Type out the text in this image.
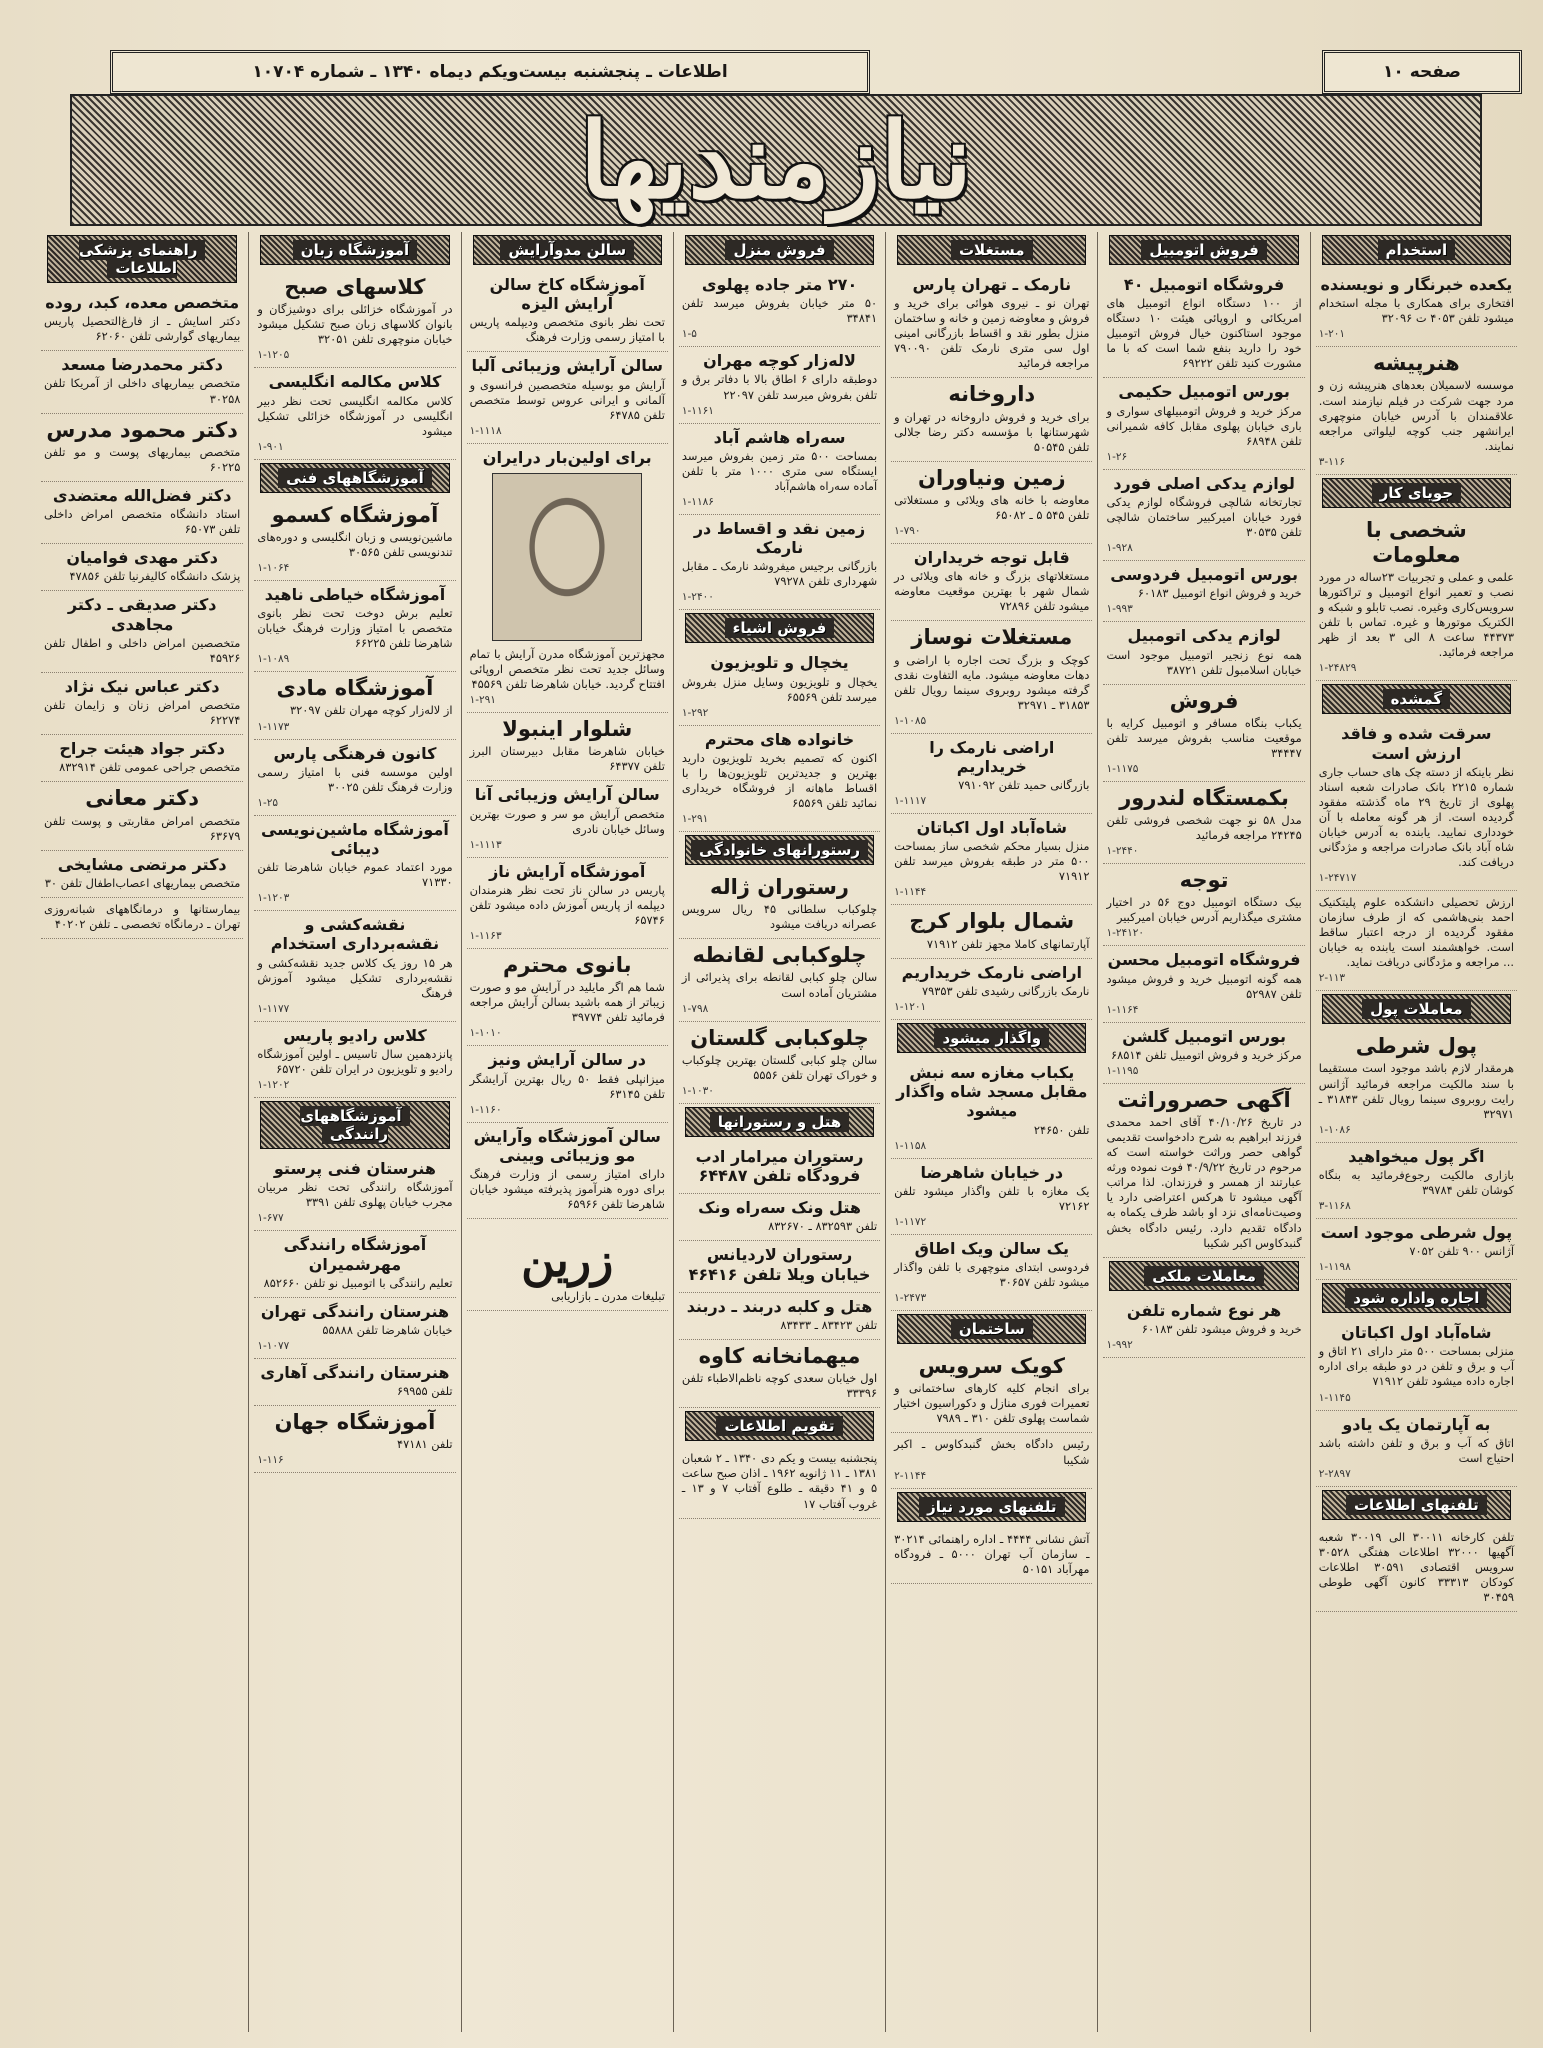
اطلاعات ـ پنجشنبه بیست‌ویکم دیماه ۱۳۴۰ ـ شماره ۱۰۷۰۴	صفحه ۱۰
نیازمندیها
استخدام
یکعده خبرنگار و نویسنده
افتخاری برای همکاری با مجله استخدام میشود تلفن ۴۰۵۳ ت ۳۲۰۹۶
۱-۲۰۱
هنرپیشه
موسسه لاسمیلان بعدهای هنرپیشه زن و مرد جهت شرکت در فیلم نیازمند است. علاقمندان با آدرس خیابان منوچهری ایرانشهر جنب کوچه لیلواتی مراجعه نمایند.
۳-۱۱۶
جویای کار
شخصی با معلومات
علمی و عملی و تجربیات ۲۳ساله در مورد نصب و تعمیر انواع اتومبیل و تراکتورها سرویس‌کاری وغیره. نصب تابلو و شبکه و الکتریک موتورها و غیره. تماس با تلفن ۴۴۳۷۳ ساعت ۸ الی ۳ بعد از ظهر مراجعه فرمائید.
۱-۲۴۸۲۹
گمشده
سرقت شده و فاقد ارزش است
نظر باینکه از دسته چک های حساب جاری شماره ۲۲۱۵ بانک صادرات شعبه اسناد پهلوی از تاریخ ۲۹ ماه گذشته مفقود گردیده است. از هر گونه معامله با آن خودداری نمایید. یابنده به آدرس خیابان شاه آباد بانک صادرات مراجعه و مژدگانی دریافت کند.
۱-۲۴۷۱۷
ارزش تحصیلی دانشکده علوم پلیتکنیک احمد بنی‌هاشمی که از طرف سازمان مفقود گردیده از درجه اعتبار ساقط است. خواهشمند است یابنده به خیابان ... مراجعه و مژدگانی دریافت نماید.
۲-۱۱۳
معاملات پول
پول شرطی
هرمقدار لازم باشد موجود است مستقیما با سند مالکیت مراجعه فرمائید آژانس رایت روبروی سینما رویال تلفن ۳۱۸۴۳ ـ ۳۲۹۷۱
۱-۱۰۸۶
اگر پول میخواهید
بازاری مالکیت رجوع‌فرمائید به بنگاه کوشان تلفن ۳۹۷۸۴
۳-۱۱۶۸
پول شرطی موجود است
آژانس ۹۰۰ تلفن ۷۰۵۲
۱-۱۱۹۸
اجاره واداره شود
شاه‌آباد اول اکباتان
منزلی بمساحت ۵۰۰ متر دارای ۲۱ اتاق و آب و برق و تلفن در دو طبقه برای اداره اجاره داده میشود تلفن ۷۱۹۱۲
۱-۱۱۴۵
به آپارتمان یک یادو
اتاق که آب و برق و تلفن داشته باشد احتیاج است
۲-۲۸۹۷
تلفنهای اطلاعات
تلفن کارخانه ۳۰۰۱۱ الی ۳۰۰۱۹ شعبه آگهیها ۳۲۰۰۰ اطلاعات هفتگی ۳۰۵۲۸ سرویس اقتصادی ۳۰۵۹۱ اطلاعات کودکان ۳۳۳۱۳ کانون آگهی طوطی ۳۰۴۵۹
فروش اتومبیل
فروشگاه اتومبیل ۴۰
از ۱۰۰ دستگاه انواع اتومبیل های امریکائی و اروپائی هیئت ۱۰ دستگاه موجود استاکنون خیال فروش اتومبیل خود را دارید بنفع شما است که با ما مشورت کنید تلفن ۶۹۲۲۲
بورس اتومبیل حکیمی
مرکز خرید و فروش اتومبیلهای سواری و باری خیابان پهلوی مقابل کافه شمیرانی تلفن ۶۸۹۴۸
۱-۲۶
لوازم یدکی اصلی فورد
تجارتخانه شالچی فروشگاه لوازم یدکی فورد خیابان امیرکبیر ساختمان شالچی تلفن ۳۰۵۳۵
۱-۹۲۸
بورس اتومبیل فردوسی
خرید و فروش انواع اتومبیل ۶۰۱۸۳
۱-۹۹۳
لوازم یدکی اتومبیل
همه نوع زنجیر اتومبیل موجود است خیابان اسلامبول تلفن ۳۸۷۲۱
فروش
یکباب بنگاه مسافر و اتومبیل کرایه با موقعیت مناسب بفروش میرسد تلفن ۳۴۴۴۷
۱-۱۱۷۵
بکمستگاه لندرور
مدل ۵۸ نو جهت شخصی فروشی تلفن ۲۴۲۴۵ مراجعه فرمائید
۱-۲۴۴۰
توجه
بیک دستگاه اتومبیل دوج ۵۶ در اختیار مشتری میگذاریم آدرس خیابان امیرکبیر
۱-۲۴۱۲۰
فروشگاه اتومبیل محسن
همه گونه اتومبیل خرید و فروش میشود تلفن ۵۲۹۸۷
۱-۱۱۶۴
بورس اتومبیل گلشن
مرکز خرید و فروش اتومبیل تلفن ۶۸۵۱۴
۱-۱۱۹۵
آگهی حصروراثت
در تاریخ ۴۰/۱۰/۲۶ آقای احمد محمدی فرزند ابراهیم به شرح دادخواست تقدیمی گواهی حصر وراثت خواسته است که مرحوم در تاریخ ۴۰/۹/۲۲ فوت نموده ورثه عبارتند از همسر و فرزندان. لذا مراتب آگهی میشود تا هرکس اعتراضی دارد یا وصیت‌نامه‌ای نزد او باشد ظرف یکماه به دادگاه تقدیم دارد. رئیس دادگاه بخش گنبدکاوس اکبر شکیبا
معاملات ملکی
هر نوع شماره تلفن
خرید و فروش میشود تلفن ۶۰۱۸۳
۱-۹۹۲
مستغلات
نارمک ـ تهران پارس
تهران نو ـ نیروی هوائی برای خرید و فروش و معاوضه زمین و خانه و ساختمان منزل بطور نقد و اقساط بازرگانی امینی اول سی متری نارمک تلفن ۷۹۰۰۹۰ مراجعه فرمائید
داروخانه
برای خرید و فروش داروخانه در تهران و شهرستانها با مؤسسه دکتر رضا جلالی تلفن ۵۰۵۴۵
زمین ونیاوران
معاوضه با خانه های ویلائی و مستغلاتی تلفن ۵۴۵ ۵ ـ ۶۵۰۸۲
۱-۷۹۰
قابل توجه خریداران
مستغلاتهای بزرگ و خانه های ویلائی در شمال شهر با بهترین موقعیت معاوضه میشود تلفن ۷۲۸۹۶
مستغلات نوساز
کوچک و بزرگ تحت اجاره با اراضی و دهات معاوضه میشود. مایه التفاوت نقدی گرفته میشود روبروی سینما رویال تلفن ۳۱۸۵۳ ـ ۳۲۹۷۱
۱-۱۰۸۵
اراضی نارمک را خریداریم
بازرگانی حمید تلفن ۷۹۱۰۹۲
۱-۱۱۱۷
شاه‌آباد اول اکباتان
منزل بسیار محکم شخصی ساز بمساحت ۵۰۰ متر در طبقه بفروش میرسد تلفن ۷۱۹۱۲
۱-۱۱۴۴
شمال بلوار کرج
آپارتمانهای کاملا مجهز تلفن ۷۱۹۱۲
اراضی نارمک خریداریم
نارمک بازرگانی رشیدی تلفن ۷۹۳۵۳
۱-۱۲۰۱
واگذار میشود
یکباب مغازه سه نبش مقابل مسجد شاه واگذار میشود
تلفن ۲۴۶۵۰
۱-۱۱۵۸
در خیابان شاهرضا
یک مغازه با تلفن واگذار میشود تلفن ۷۲۱۶۲
۱-۱۱۷۲
یک سالن ویک اطاق
فردوسی ابتدای منوچهری با تلفن واگذار میشود تلفن ۳۰۶۵۷
۱-۲۴۷۳
ساختمان
کویک سرویس
برای انجام کلیه کارهای ساختمانی و تعمیرات فوری منازل و دکوراسیون اختیار شماست پهلوی تلفن ۳۱۰ ـ ۷۹۸۹
رئیس دادگاه بخش گنبدکاوس ـ اکبر شکیبا
۲-۱۱۴۴
تلفنهای مورد نیاز
آتش نشانی ۴۴۴۴ ـ اداره راهنمائی ۳۰۲۱۴ ـ سازمان آب تهران ۵۰۰۰ ـ فرودگاه مهرآباد ۵۰۱۵۱
فروش منزل
۲۷۰ متر جاده پهلوی
۵۰ متر خیابان بفروش میرسد تلفن ۳۴۸۴۱
۱-۵
لاله‌زار کوچه مهران
دوطبقه دارای ۶ اطاق بالا با دفاتر برق و تلفن بفروش میرسد تلفن ۲۲۰۹۷
۱-۱۱۶۱
سه‌راه هاشم آباد
بمساحت ۵۰۰ متر زمین بفروش میرسد ایستگاه سی متری ۱۰۰۰ متر با تلفن آماده سه‌راه هاشم‌آباد
۱-۱۱۸۶
زمین نقد و اقساط در نارمک
بازرگانی برجیس میفروشد نارمک ـ مقابل شهرداری تلفن ۷۹۲۷۸
۱-۲۴۰۰
فروش اشیاء
یخچال و تلویزیون
یخچال و تلویزیون وسایل منزل بفروش میرسد تلفن ۶۵۵۶۹
۱-۲۹۲
خانواده های محترم
اکنون که تصمیم بخرید تلویزیون دارید بهترین و جدیدترین تلویزیون‌ها را با اقساط ماهانه از فروشگاه خریداری نمائید تلفن ۶۵۵۶۹
۱-۲۹۱
رستورانهای خانوادگی
رستوران ژاله
چلوکباب سلطانی ۴۵ ریال سرویس عصرانه دریافت میشود
چلوکبابی لقانطه
سالن چلو کبابی لقانطه برای پذیرائی از مشتریان آماده است
۱-۷۹۸
چلوکبابی گلستان
سالن چلو کبابی گلستان بهترین چلوکباب و خوراک تهران تلفن ۵۵۵۶
۱-۱۰۳۰
هتل و رستورانها
رستوران میرامار ادب فرودگاه تلفن ۶۴۴۸۷
هتل ونک سه‌راه ونک
تلفن ۸۳۲۵۹۳ ـ ۸۳۲۶۷۰
رستوران لاردیانس خیابان ویلا تلفن ۴۶۴۱۶
هتل و کلبه دربند ـ دربند
تلفن ۸۳۴۲۳ ـ ۸۳۴۳۳
میهمانخانه کاوه
اول خیابان سعدی کوچه ناظم‌الاطباء تلفن ۳۳۳۹۶
تقویم اطلاعات
پنجشنبه بیست و یکم دی ۱۳۴۰ ـ ۲ شعبان ۱۳۸۱ ـ ۱۱ ژانویه ۱۹۶۲ ـ اذان صبح ساعت ۵ و ۴۱ دقیقه ـ طلوع آفتاب ۷ و ۱۳ ـ غروب آفتاب ۱۷
سالن مدوآرایش
آموزشگاه کاخ سالن آرایش الیزه
تحت نظر بانوی متخصص ودیپلمه پاریس با امتیاز رسمی وزارت فرهنگ
سالن آرایش وزیبائی آلبا
آرایش مو بوسیله متخصصین فرانسوی و آلمانی و ایرانی عروس توسط متخصص تلفن ۶۴۷۸۵
۱-۱۱۱۸
برای اولین‌بار درایران
مجهزترین آموزشگاه مدرن آرایش با تمام وسائل جدید تحت نظر متخصص اروپائی افتتاح گردید. خیابان شاهرضا تلفن ۴۵۵۶۹
۱-۲۹۱
شلوار اینبولا
خیابان شاهرضا مقابل دبیرستان البرز تلفن ۶۴۳۷۷
سالن آرایش وزیبائی آنا
متخصص آرایش مو سر و صورت بهترین وسائل خیابان نادری
۱-۱۱۱۳
آموزشگاه آرایش ناز
پاریس در سالن ناز تحت نظر هنرمندان دیپلمه از پاریس آموزش داده میشود تلفن ۶۵۷۴۶
۱-۱۱۶۳
بانوی محترم
شما هم اگر مایلید در آرایش مو و صورت زیباتر از همه باشید بسالن آرایش مراجعه فرمائید تلفن ۳۹۷۷۴
۱-۱۰۱۰
در سالن آرایش ونیز
میزانپلی فقط ۵۰ ریال بهترین آرایشگر تلفن ۶۳۱۴۵
۱-۱۱۶۰
سالن آموزشگاه وآرایش مو وزیبائی ویینی
دارای امتیاز رسمی از وزارت فرهنگ برای دوره هنرآموز پذیرفته میشود خیابان شاهرضا تلفن ۶۵۹۶۶
زرین
تبلیغات مدرن ـ بازاریابی
آموزشگاه زبان
کلاسهای صبح
در آموزشگاه خزائلی برای دوشیزگان و بانوان کلاسهای زبان صبح تشکیل میشود خیابان منوچهری تلفن ۳۲۰۵۱
۱-۱۲۰۵
کلاس مکالمه انگلیسی
کلاس مکالمه انگلیسی تحت نظر دبیر انگلیسی در آموزشگاه خزائلی تشکیل میشود
۱-۹۰۱
آموزشگاههای فنی
آموزشگاه کسمو
ماشین‌نویسی و زبان انگلیسی و دوره‌های تندنویسی تلفن ۳۰۵۶۵
۱-۱۰۶۴
آموزشگاه خیاطی ناهید
تعلیم برش دوخت تحت نظر بانوی متخصص با امتیاز وزارت فرهنگ خیابان شاهرضا تلفن ۶۶۲۲۵
۱-۱۰۸۹
آموزشگاه مادی
از لاله‌زار کوچه مهران تلفن ۳۲۰۹۷
۱-۱۱۷۳
کانون فرهنگی پارس
اولین موسسه فنی با امتیاز رسمی وزارت فرهنگ تلفن ۳۰۰۲۵
۱-۲۵
آموزشگاه ماشین‌نویسی دیبائی
مورد اعتماد عموم خیابان شاهرضا تلفن ۷۱۳۳۰
۱-۱۲۰۳
نقشه‌کشی و نقشه‌برداری استخدام
هر ۱۵ روز یک کلاس جدید نقشه‌کشی و نقشه‌برداری تشکیل میشود آموزش فرهنگ
۱-۱۱۷۷
کلاس رادیو پاریس
پانزدهمین سال تاسیس ـ اولین آموزشگاه رادیو و تلویزیون در ایران تلفن ۶۵۷۲۰
۱-۱۲۰۲
آموزشگاههای رانندگی
هنرستان فنی پرستو
آموزشگاه رانندگی تحت نظر مربیان مجرب خیابان پهلوی تلفن ۳۳۹۱
۱-۶۷۷
آموزشگاه رانندگی مهرشمیران
تعلیم رانندگی با اتومبیل نو تلفن ۸۵۲۶۶۰
هنرستان رانندگی تهران
خیابان شاهرضا تلفن ۵۵۸۸۸
۱-۱۰۷۷
هنرستان رانندگی آهاری
تلفن ۶۹۹۵۵
آموزشگاه جهان
تلفن ۴۷۱۸۱
۱-۱۱۶
راهنمای پزشکی اطلاعات
متخصص معده، کبد، روده
دکتر اسایش ـ از فارغ‌التحصیل پاریس بیماریهای گوارشی تلفن ۶۲۰۶۰
دکتر محمدرضا مسعد
متخصص بیماریهای داخلی از آمریکا تلفن ۳۰۲۵۸
دکتر محمود مدرس
متخصص بیماریهای پوست و مو تلفن ۶۰۲۲۵
دکتر فضل‌الله معتضدی
استاد دانشگاه متخصص امراض داخلی تلفن ۶۵۰۷۳
دکتر مهدی فوامیان
پزشک دانشگاه کالیفرنیا تلفن ۴۷۸۵۶
دکتر صدیقی ـ دکتر مجاهدی
متخصصین امراض داخلی و اطفال تلفن ۴۵۹۲۶
دکتر عباس نیک نژاد
متخصص امراض زنان و زایمان تلفن ۶۲۲۷۴
دکتر جواد هیئت جراح
متخصص جراحی عمومی تلفن ۸۳۲۹۱۴
دکتر معانی
متخصص امراض مقاربتی و پوست تلفن ۶۳۶۷۹
دکتر مرتضی مشایخی
متخصص بیماریهای اعصاب‌اطفال تلفن ۳۰
بیمارستانها و درمانگاههای شبانه‌روزی تهران ـ درمانگاه تخصصی ـ تلفن ۴۰۲۰۲
